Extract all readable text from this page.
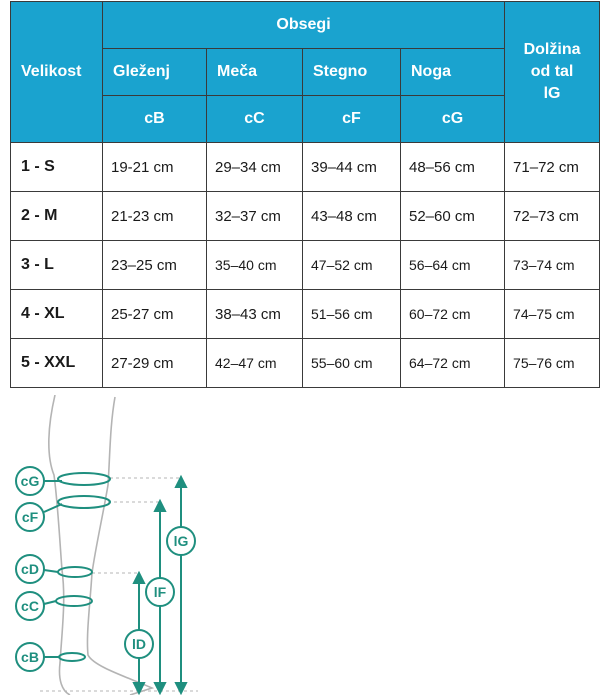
Velikost	Obsegi				Dolžina
od tal
lG
	Gleženj	Meča	Stegno	Noga	
	cB	cC	cF	cG	
1 - S	19-21 cm	29–34 cm	39–44 cm	48–56 cm	71–72 cm
2 - M	21-23 cm	32–37 cm	43–48 cm	52–60 cm	72–73 cm
3 - L	23–25 cm	35–40 cm	47–52 cm	56–64 cm	73–74 cm
4 - XL	25-27 cm	38–43 cm	51–56 cm	60–72 cm	74–75 cm
5 - XXL	27-29 cm	42–47 cm	55–60 cm	64–72 cm	75–76 cm
cG
cF
cD
cC
cB
lG
lF
lD
